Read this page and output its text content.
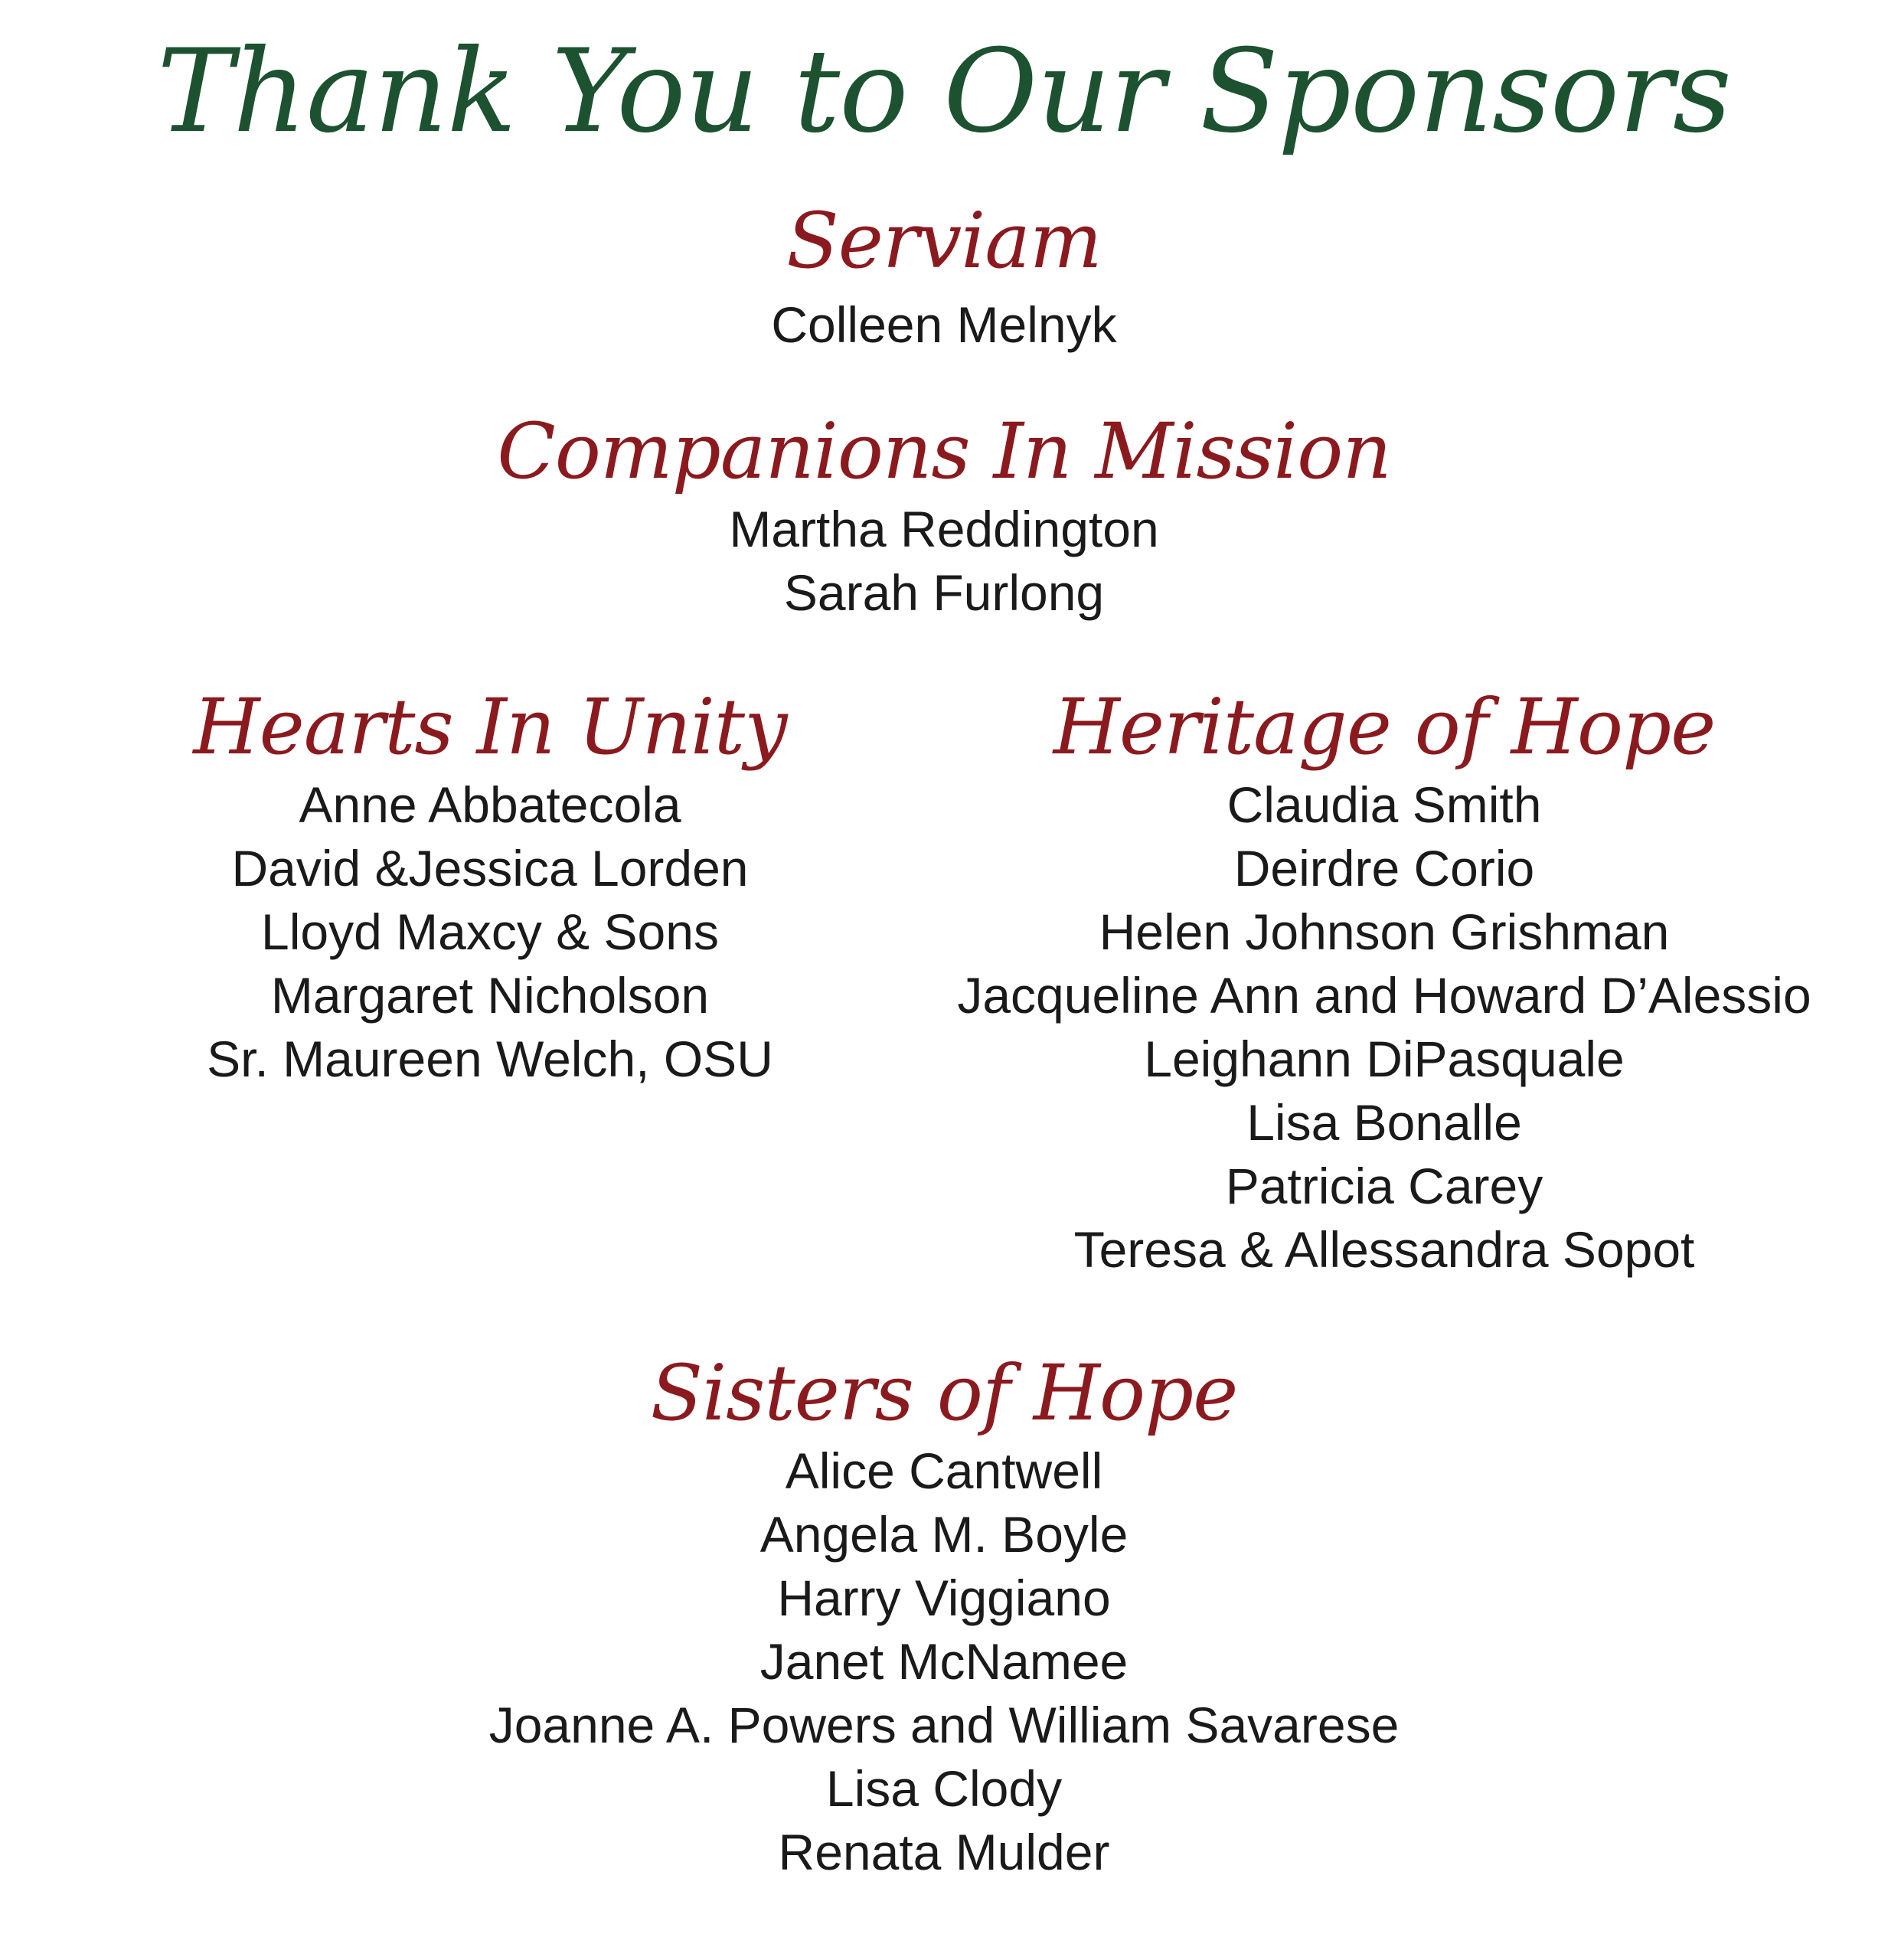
Thank You to Our Sponsors
Serviam
Colleen Melnyk
Companions In Mission
Martha Reddington
Sarah Furlong
Hearts In Unity
Anne Abbatecola
David &Jessica Lorden
Lloyd Maxcy & Sons
Margaret Nicholson
Sr. Maureen Welch, OSU
Heritage of Hope
Claudia Smith
Deirdre Corio
Helen Johnson Grishman
Jacqueline Ann and Howard D’Alessio
Leighann DiPasquale
Lisa Bonalle
Patricia Carey
Teresa & Allessandra Sopot
Sisters of Hope
Alice Cantwell
Angela M. Boyle
Harry Viggiano
Janet McNamee
Joanne A. Powers and William Savarese
Lisa Clody
Renata Mulder
